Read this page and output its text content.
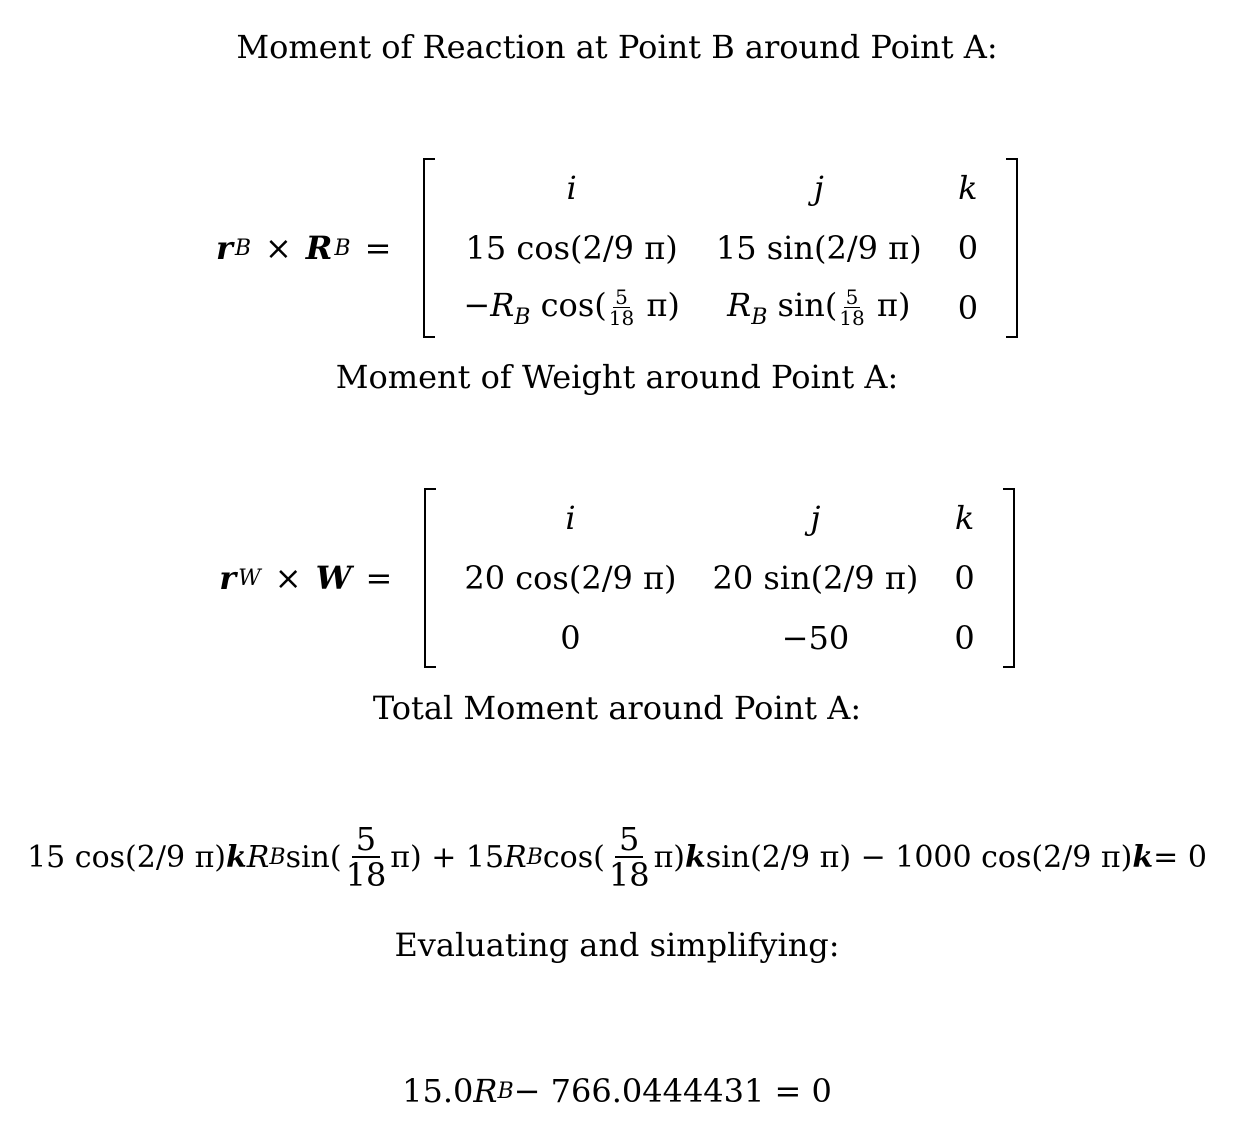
Moment of Reaction at Point B around Point A:
r B × R B =
i	j	k
15 cos(2/9 π)	15 sin(2/9 π)	0
$-R_B$ $\cos( \frac{5}{18} \pi)$	$R_B$ $\sin( \frac{5}{18} \pi)$	0
Moment of Weight around Point A:
r W × W =
i	j	k
20 cos(2/9 π)	20 sin(2/9 π)	0
0	−50	0
Total Moment around Point A:
15 cos(2/9 π) k R B $\sin( \frac{5}{18} \pi) + 15$ R B $\cos( \frac{5}{18} \pi)$ k sin(2/9 π) − 1000 cos(2/9 π) k = 0
Evaluating and simplifying:
15.0 R B − 766.0444431 = 0
